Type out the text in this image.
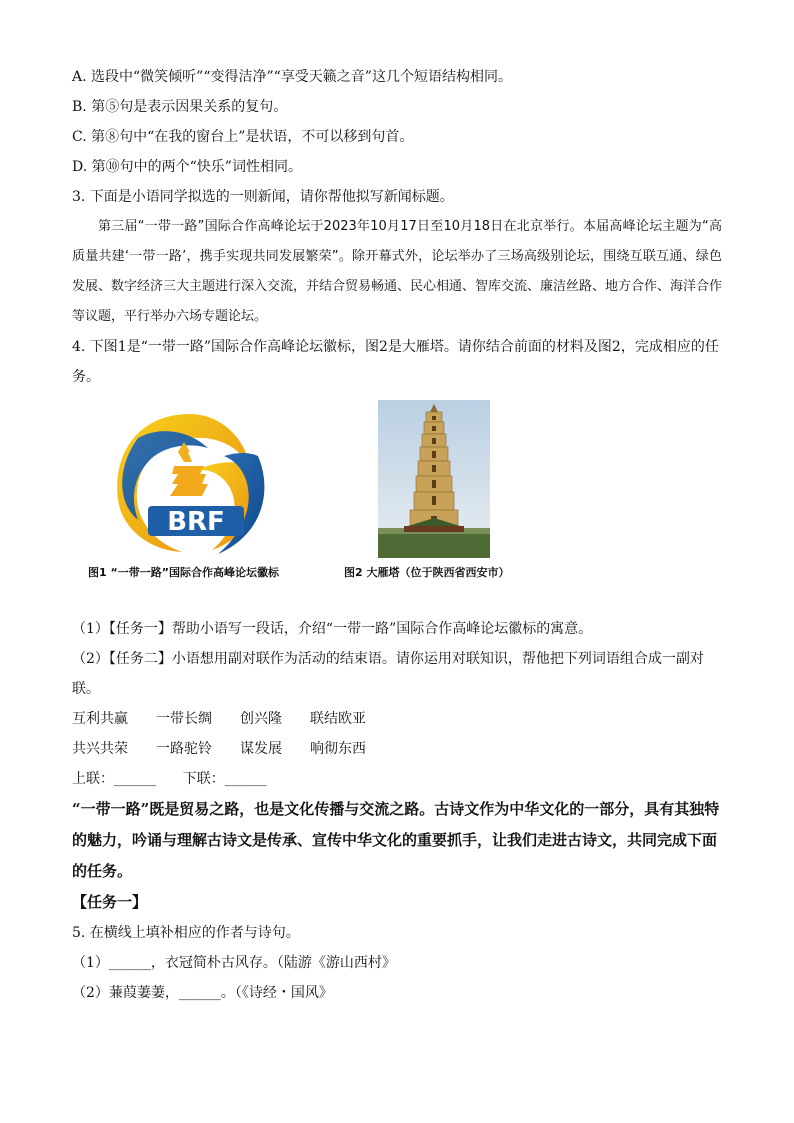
A. 选段中“微笑倾听”“变得洁净”“享受天籁之音”这几个短语结构相同。
B. 第⑤句是表示因果关系的复句。
C. 第⑧句中“在我的窗台上”是状语，不可以移到句首。
D. 第⑩句中的两个“快乐”词性相同。
3. 下面是小语同学拟选的一则新闻，请你帮他拟写新闻标题。

第三届“一带一路”国际合作高峰论坛于2023年10月17日至10月18日在北京举行。本届高峰论坛主题为“高质量共建‘一带一路’，携手实现共同发展繁荣”。除开幕式外，论坛举办了三场高级别论坛，围绕互联互通、绿色发展、数字经济三大主题进行深入交流，并结合贸易畅通、民心相通、智库交流、廉洁丝路、地方合作、海洋合作等议题，平行举办六场专题论坛。

4. 下图1是“一带一路”国际合作高峰论坛徽标，图2是大雁塔。请你结合前面的材料及图2，完成相应的任务。
BRF
图1 “一带一路”国际合作高峰论坛徽标	图2 大雁塔（位于陕西省西安市）
（1）【任务一】帮助小语写一段话，介绍“一带一路”国际合作高峰论坛徽标的寓意。
（2）【任务二】小语想用副对联作为活动的结束语。请你运用对联知识，帮他把下列词语组合成一副对联。
互利共赢	一带长绸	创兴隆	联结欧亚
共兴共荣	一路驼铃	谋发展	响彻东西
上联：______      下联：______
“一带一路”既是贸易之路，也是文化传播与交流之路。古诗文作为中华文化的一部分，具有其独特的魅力，吟诵与理解古诗文是传承、宣传中华文化的重要抓手，让我们走进古诗文，共同完成下面的任务。
【任务一】
5. 在横线上填补相应的作者与诗句。
（1）______，衣冠简朴古风存。（陆游《游山西村》
（2）蒹葭萋萋，______。（《诗经・国风》
